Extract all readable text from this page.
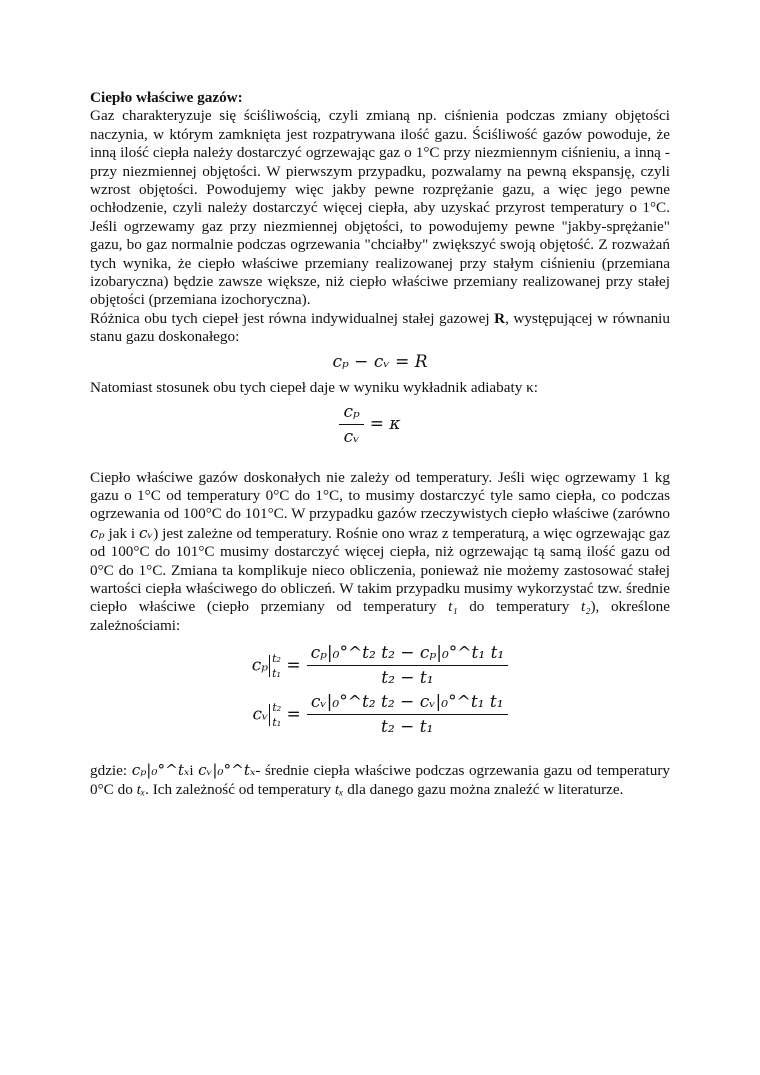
Ciepło właściwe gazów:

Gaz charakteryzuje się ściśliwością, czyli zmianą np. ciśnienia podczas zmiany objętości naczynia, w którym zamknięta jest rozpatrywana ilość gazu. Ściśliwość gazów powoduje, że inną ilość ciepła należy dostarczyć ogrzewając gaz o 1°C przy niezmiennym ciśnieniu, a inną - przy niezmiennej objętości. W pierwszym przypadku, pozwalamy na pewną ekspansję, czyli wzrost objętości. Powodujemy więc jakby pewne rozprężanie gazu, a więc jego pewne ochłodzenie, czyli należy dostarczyć więcej ciepła, aby uzyskać przyrost temperatury o 1°C. Jeśli ogrzewamy gaz przy niezmiennej objętości, to powodujemy pewne "jakby-sprężanie" gazu, bo gaz normalnie podczas ogrzewania "chciałby" zwiększyć swoją objętość. Z rozważań tych wynika, że ciepło właściwe przemiany realizowanej przy stałym ciśnieniu (przemiana izobaryczna) będzie zawsze większe, niż ciepło właściwe przemiany realizowanej przy stałej objętości (przemiana izochoryczna).

Różnica obu tych ciepeł jest równa indywidualnej stałej gazowej R, występującej w równaniu stanu gazu doskonałego:

cₚ − cᵥ = R

Natomiast stosunek obu tych ciepeł daje w wyniku wykładnik adiabaty κ:

$\frac{\text{cₚ}}{\text{cᵥ}} = \kappa$

Ciepło właściwe gazów doskonałych nie zależy od temperatury. Jeśli więc ogrzewamy 1 kg gazu o 1°C od temperatury 0°C do 1°C, to musimy dostarczyć tyle samo ciepła, co podczas ogrzewania od 100°C do 101°C. W przypadku gazów rzeczywistych ciepło właściwe (zarówno cₚ jak i cᵥ) jest zależne od temperatury. Rośnie ono wraz z temperaturą, a więc ogrzewając gaz od 100°C do 101°C musimy dostarczyć więcej ciepła, niż ogrzewając tą samą ilość gazu od 0°C do 1°C. Zmiana ta komplikuje nieco obliczenia, ponieważ nie możemy zastosować stałej wartości ciepła właściwego do obliczeń. W takim przypadku musimy wykorzystać tzw. średnie ciepło właściwe (ciepło przemiany od temperatury t₁ do temperatury t₂), określone zależnościami:

cₚ t₂
$t_1 = \frac{\text{cₚ|₀°\textasciicircum{}t₂ t₂ − cₚ|₀°\textasciicircum{}t₁ t₁}}{\text{t₂ − t₁}}$
cᵥ t₂
$t_1 = \frac{\text{cᵥ|₀°\textasciicircum{}t₂ t₂ − cᵥ|₀°\textasciicircum{}t₁ t₁}}{\text{t₂ − t₁}}$

gdzie: cₚ|₀°^tₓi cᵥ|₀°^tₓ- średnie ciepła właściwe podczas ogrzewania gazu od temperatury 0°C do tₓ. Ich zależność od temperatury tₓ dla danego gazu można znaleźć w literaturze.
